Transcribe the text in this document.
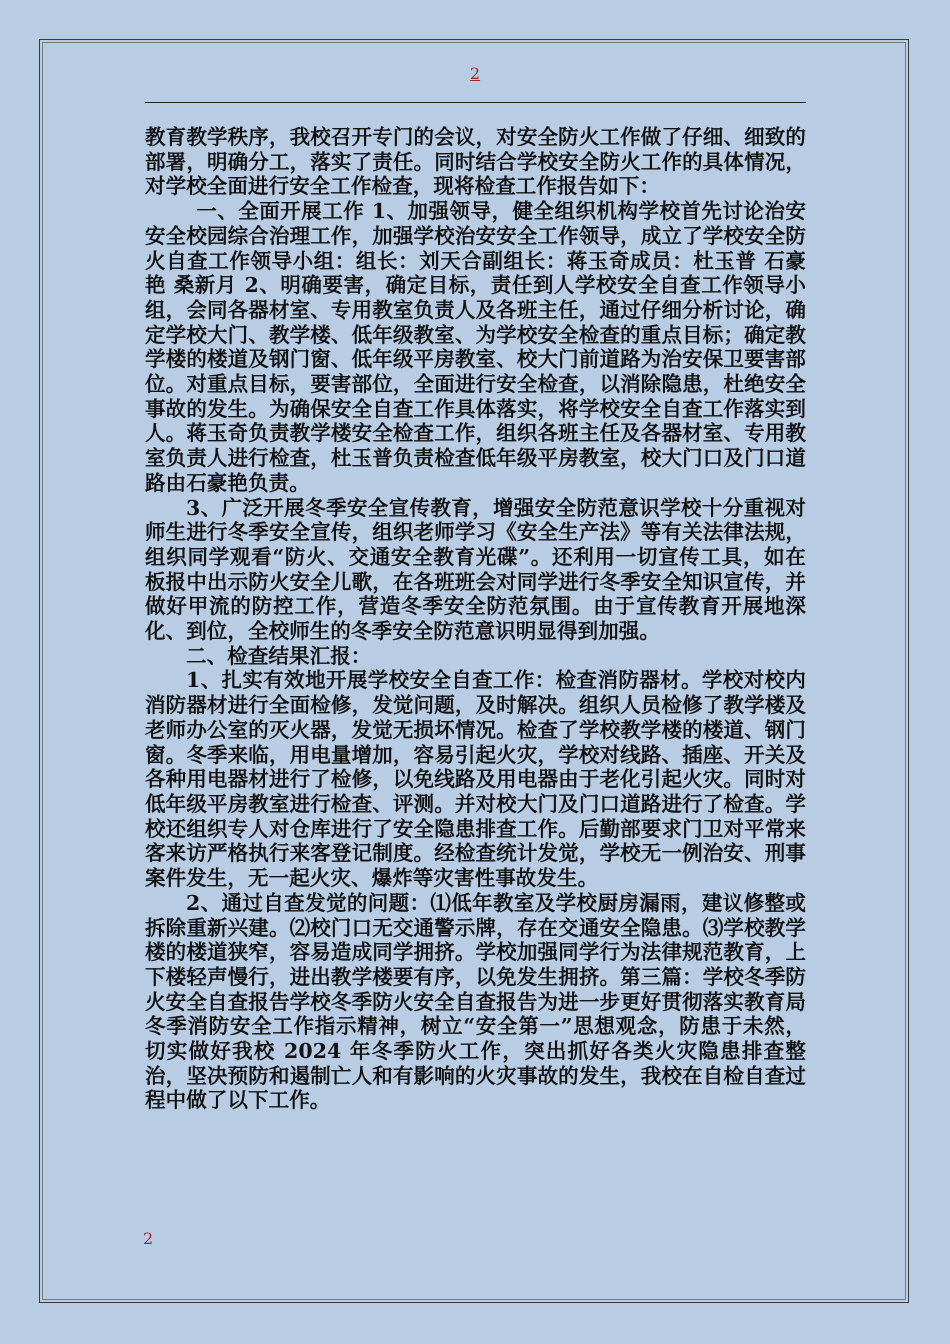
2

教育教学秩序，我校召开专门的会议，对安全防火工作做了仔细、细致的部署，明确分工，落实了责任。同时结合学校安全防火工作的具体情况，对学校全面进行安全工作检查，现将检查工作报告如下：

一、全面开展工作 1、加强领导，健全组织机构学校首先讨论治安安全校园综合治理工作，加强学校治安安全工作领导，成立了学校安全防火自查工作领导小组：组长：刘天合副组长：蒋玉奇成员：杜玉普 石豪艳 桑新月 2、明确要害，确定目标，责任到人学校安全自查工作领导小组，会同各器材室、专用教室负责人及各班主任，通过仔细分析讨论，确定学校大门、教学楼、低年级教室、为学校安全检查的重点目标；确定教学楼的楼道及钢门窗、低年级平房教室、校大门前道路为治安保卫要害部位。对重点目标，要害部位，全面进行安全检查，以消除隐患，杜绝安全事故的发生。为确保安全自查工作具体落实，将学校安全自查工作落实到人。蒋玉奇负责教学楼安全检查工作，组织各班主任及各器材室、专用教室负责人进行检查，杜玉普负责检查低年级平房教室，校大门口及门口道路由石豪艳负责。

3、广泛开展冬季安全宣传教育，增强安全防范意识学校十分重视对师生进行冬季安全宣传，组织老师学习《安全生产法》等有关法律法规，组织同学观看“防火、交通安全教育光碟”。还利用一切宣传工具，如在板报中出示防火安全儿歌，在各班班会对同学进行冬季安全知识宣传，并做好甲流的防控工作，营造冬季安全防范氛围。由于宣传教育开展地深化、到位，全校师生的冬季安全防范意识明显得到加强。

二、检查结果汇报：

1、扎实有效地开展学校安全自查工作：检查消防器材。学校对校内消防器材进行全面检修，发觉问题，及时解决。组织人员检修了教学楼及老师办公室的灭火器，发觉无损坏情况。检查了学校教学楼的楼道、钢门窗。冬季来临，用电量增加，容易引起火灾，学校对线路、插座、开关及各种用电器材进行了检修，以免线路及用电器由于老化引起火灾。同时对低年级平房教室进行检查、评测。并对校大门及门口道路进行了检查。学校还组织专人对仓库进行了安全隐患排查工作。后勤部要求门卫对平常来客来访严格执行来客登记制度。经检查统计发觉，学校无一例治安、刑事案件发生，无一起火灾、爆炸等灾害性事故发生。

2、通过自查发觉的问题：⑴低年教室及学校厨房漏雨，建议修整或拆除重新兴建。⑵校门口无交通警示牌，存在交通安全隐患。⑶学校教学楼的楼道狭窄，容易造成同学拥挤。学校加强同学行为法律规范教育，上下楼轻声慢行，进出教学楼要有序，以免发生拥挤。第三篇：学校冬季防火安全自查报告学校冬季防火安全自查报告为进一步更好贯彻落实教育局冬季消防安全工作指示精神，树立“安全第一”思想观念，防患于未然，切实做好我校 2024 年冬季防火工作，突出抓好各类火灾隐患排查整治，坚决预防和遏制亡人和有影响的火灾事故的发生，我校在自检自查过程中做了以下工作。

2
